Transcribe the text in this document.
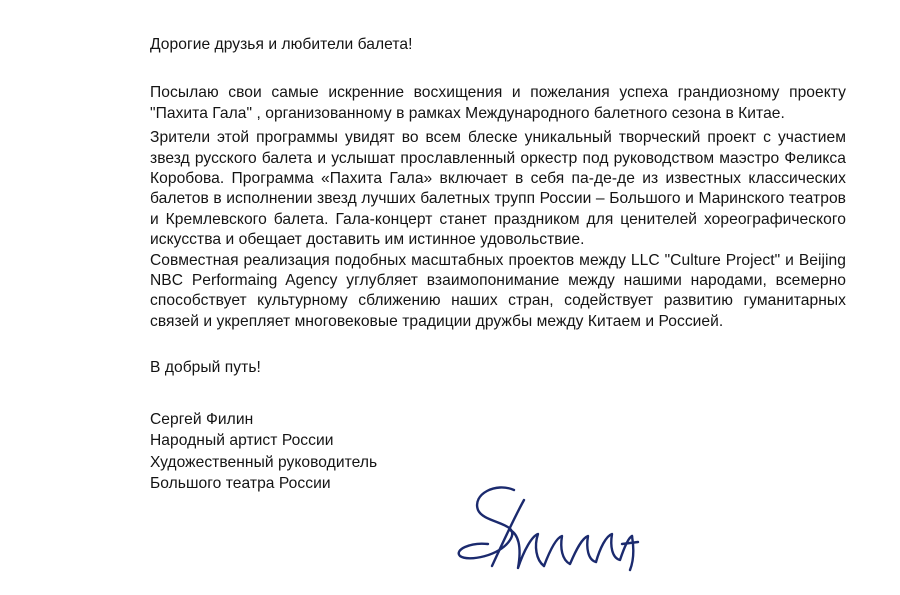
Дорогие друзья и любители балета!

Посылаю свои самые искренние восхищения и пожелания успеха грандиозному проекту "Пахита Гала" , организованному в рамках Международного балетного сезона в Китае.

Зрители этой программы увидят во всем блеске уникальный творческий проект с участием звезд русского балета и услышат прославленный оркестр под руководством маэстро Феликса Коробова. Программа «Пахита Гала» включает в себя па-де-де из известных классических балетов в исполнении звезд лучших балетных трупп России – Большого и Маринского театров и Кремлевского балета. Гала-концерт станет праздником для ценителей хореографического искусства и обещает доставить им истинное удовольствие.

Совместная реализация подобных масштабных проектов между LLC "Culture Project" и Beijing NBC Performaing Agency углубляет взаимопонимание между нашими народами, всемерно способствует культурному сближению наших стран, содействует развитию гуманитарных связей и укрепляет многовековые традиции дружбы между Китаем и Россией.

В добрый путь!

Сергей Филин

Народный артист России

Художественный руководитель

Большого театра России
